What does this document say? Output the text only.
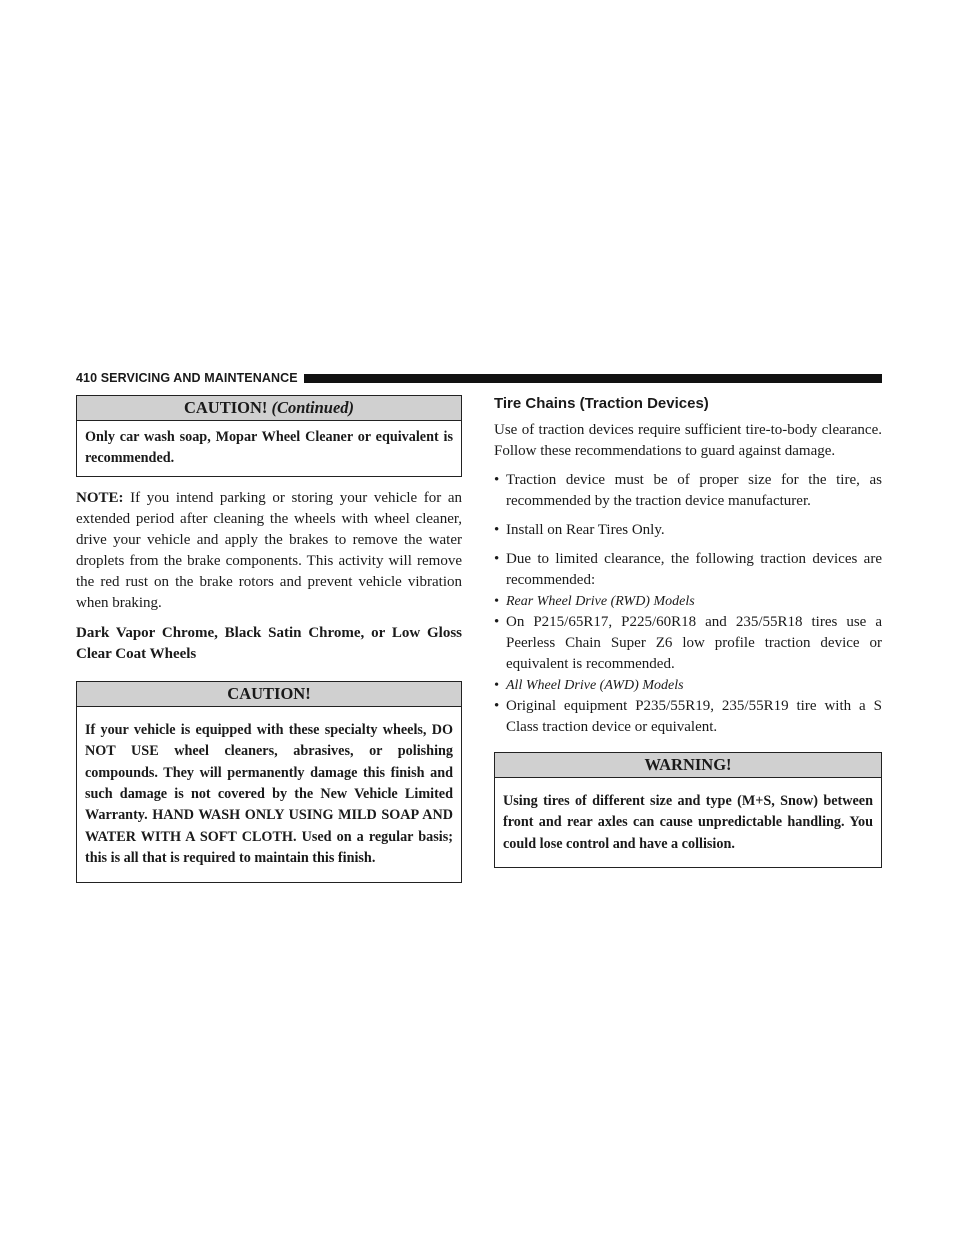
410 SERVICING AND MAINTENANCE
CAUTION! (Continued)
Only car wash soap, Mopar Wheel Cleaner or equivalent is recommended.

NOTE: If you intend parking or storing your vehicle for an extended period after cleaning the wheels with wheel cleaner, drive your vehicle and apply the brakes to remove the water droplets from the brake components. This activity will remove the red rust on the brake rotors and prevent vehicle vibration when braking.

Dark Vapor Chrome, Black Satin Chrome, or Low Gloss Clear Coat Wheels

CAUTION!
If your vehicle is equipped with these specialty wheels, DO NOT USE wheel cleaners, abrasives, or polishing compounds. They will permanently damage this finish and such damage is not covered by the New Vehicle Limited Warranty. HAND WASH ONLY USING MILD SOAP AND WATER WITH A SOFT CLOTH. Used on a regular basis; this is all that is required to maintain this finish.
Tire Chains (Traction Devices)

Use of traction devices require sufficient tire-to-body clearance. Follow these recommendations to guard against damage.

• Traction device must be of proper size for the tire, as recommended by the traction device manufacturer.
• Install on Rear Tires Only.
• Due to limited clearance, the following traction devices are recommended:
• Rear Wheel Drive (RWD) Models
• On P215/65R17, P225/60R18 and 235/55R18 tires use a Peerless Chain Super Z6 low profile traction device or equivalent is recommended.
• All Wheel Drive (AWD) Models
• Original equipment P235/55R19, 235/55R19 tire with a S Class traction device or equivalent.
WARNING!
Using tires of different size and type (M+S, Snow) between front and rear axles can cause unpredictable handling. You could lose control and have a collision.
